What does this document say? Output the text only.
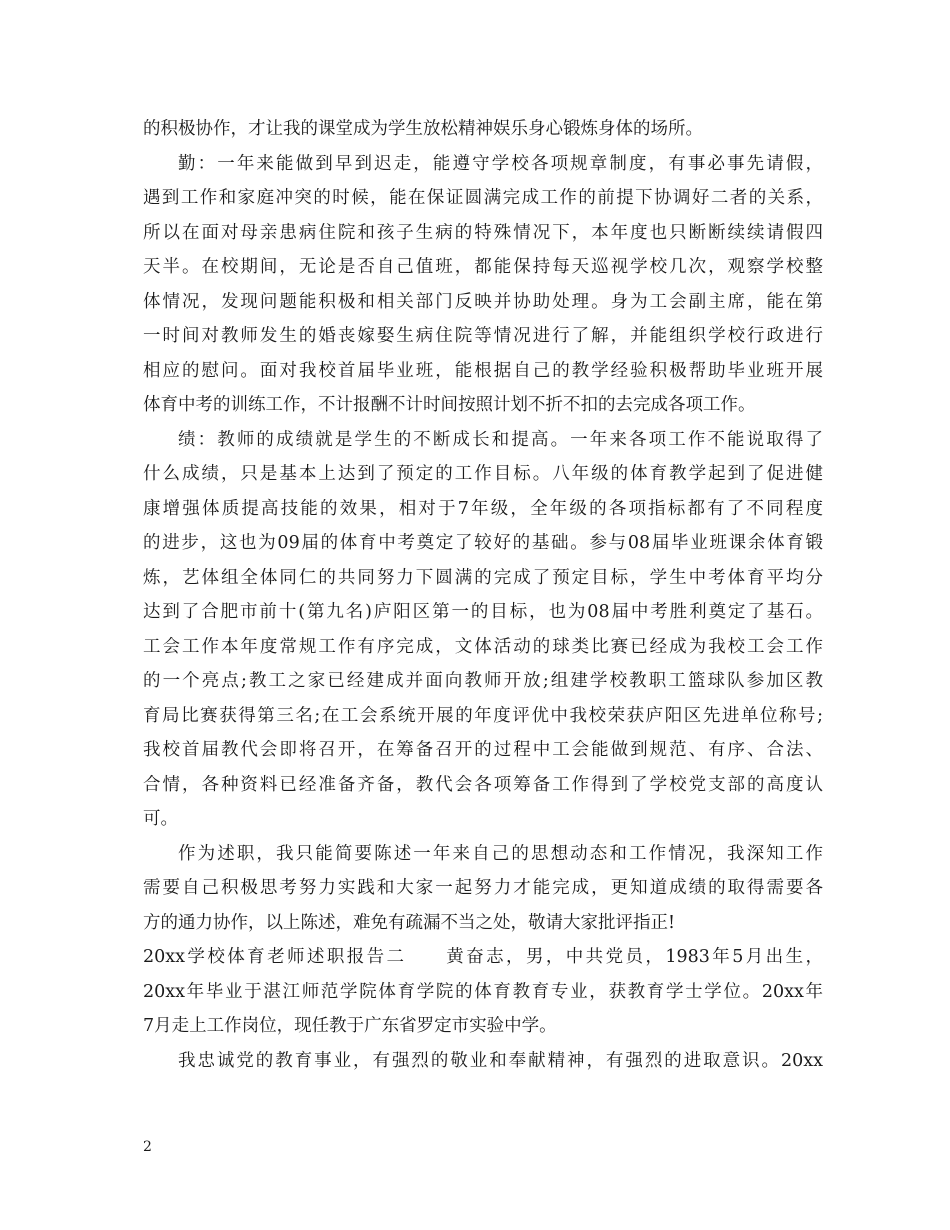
的积极协作，才让我的课堂成为学生放松精神娱乐身心锻炼身体的场所。
勤：一年来能做到早到迟走，能遵守学校各项规章制度，有事必事先请假，
遇到工作和家庭冲突的时候，能在保证圆满完成工作的前提下协调好二者的关系，
所以在面对母亲患病住院和孩子生病的特殊情况下，本年度也只断断续续请假四
天半。在校期间，无论是否自己值班，都能保持每天巡视学校几次，观察学校整
体情况，发现问题能积极和相关部门反映并协助处理。身为工会副主席，能在第
一时间对教师发生的婚丧嫁娶生病住院等情况进行了解，并能组织学校行政进行
相应的慰问。面对我校首届毕业班，能根据自己的教学经验积极帮助毕业班开展
体育中考的训练工作，不计报酬不计时间按照计划不折不扣的去完成各项工作。
绩：教师的成绩就是学生的不断成长和提高。一年来各项工作不能说取得了
什么成绩，只是基本上达到了预定的工作目标。八年级的体育教学起到了促进健
康增强体质提高技能的效果，相对于7年级，全年级的各项指标都有了不同程度
的进步，这也为09届的体育中考奠定了较好的基础。参与08届毕业班课余体育锻
炼，艺体组全体同仁的共同努力下圆满的完成了预定目标，学生中考体育平均分
达到了合肥市前十(第九名)庐阳区第一的目标，也为08届中考胜利奠定了基石。
工会工作本年度常规工作有序完成，文体活动的球类比赛已经成为我校工会工作
的一个亮点;教工之家已经建成并面向教师开放;组建学校教职工篮球队参加区教
育局比赛获得第三名;在工会系统开展的年度评优中我校荣获庐阳区先进单位称号;
我校首届教代会即将召开，在筹备召开的过程中工会能做到规范、有序、合法、
合情，各种资料已经准备齐备，教代会各项筹备工作得到了学校党支部的高度认
可。
作为述职，我只能简要陈述一年来自己的思想动态和工作情况，我深知工作
需要自己积极思考努力实践和大家一起努力才能完成，更知道成绩的取得需要各
方的通力协作，以上陈述，难免有疏漏不当之处，敬请大家批评指正!
20xx学校体育老师述职报告二　　黄奋志，男，中共党员，1983年5月出生，
20xx年毕业于湛江师范学院体育学院的体育教育专业，获教育学士学位。20xx年
7月走上工作岗位，现任教于广东省罗定市实验中学。
我忠诚党的教育事业，有强烈的敬业和奉献精神，有强烈的进取意识。20xx
2
